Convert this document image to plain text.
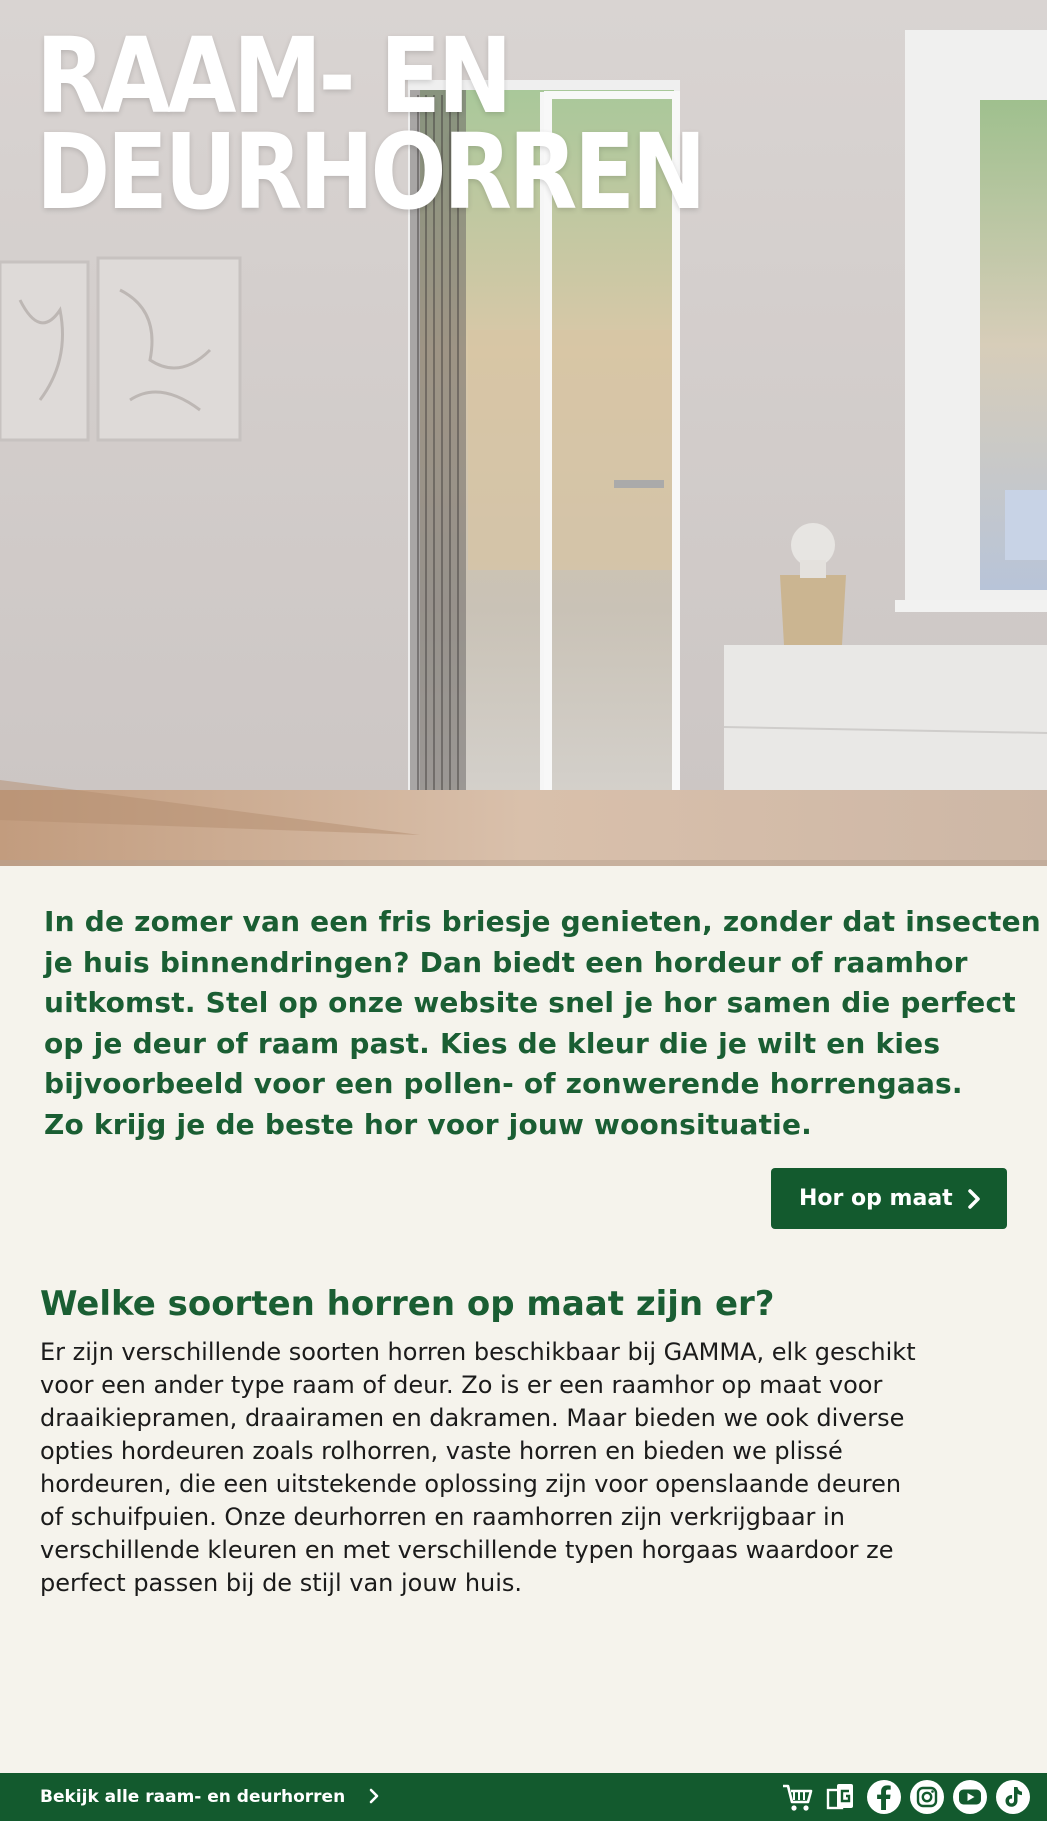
RAAM- EN
DEURHORREN

In de zomer van een fris briesje genieten, zonder dat insecten
je huis binnendringen? Dan biedt een hordeur of raamhor
uitkomst. Stel op onze website snel je hor samen die perfect
op je deur of raam past. Kies de kleur die je wilt en kies
bijvoorbeeld voor een pollen- of zonwerende horrengaas.
Zo krijg je de beste hor voor jouw woonsituatie.

Hor op maat
Welke soorten horren op maat zijn er?

Er zijn verschillende soorten horren beschikbaar bij GAMMA, elk geschikt
voor een ander type raam of deur. Zo is er een raamhor op maat voor
draaikiepramen, draairamen en dakramen. Maar bieden we ook diverse
opties hordeuren zoals rolhorren, vaste horren en bieden we plissé
hordeuren, die een uitstekende oplossing zijn voor openslaande deuren
of schuifpuien. Onze deurhorren en raamhorren zijn verkrijgbaar in
verschillende kleuren en met verschillende typen horgaas waardoor ze
perfect passen bij de stijl van jouw huis.

Bekijk alle raam- en deurhorren
